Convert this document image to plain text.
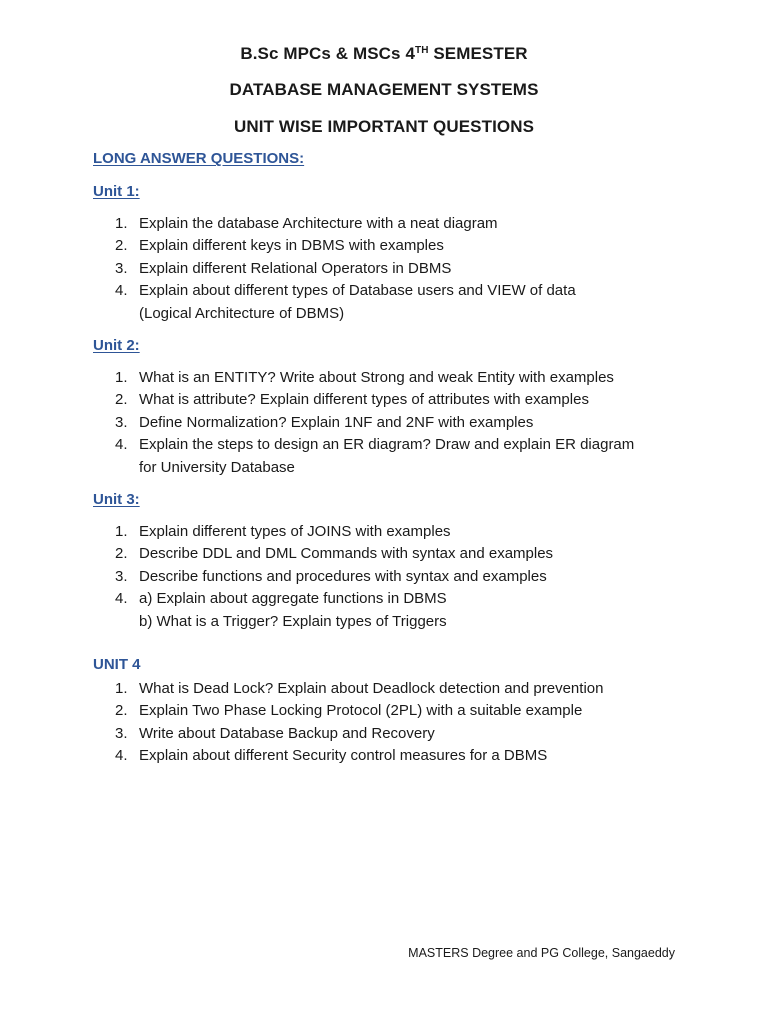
B.Sc MPCs & MSCs 4TH SEMESTER
DATABASE MANAGEMENT SYSTEMS
UNIT WISE IMPORTANT QUESTIONS
LONG ANSWER QUESTIONS:
Unit 1:
1. Explain the database Architecture with a neat diagram
2. Explain different keys in DBMS with examples
3. Explain different Relational Operators in DBMS
4. Explain about different types of Database users and VIEW of data
(Logical Architecture of DBMS)
Unit 2:
1. What is an ENTITY? Write about Strong and weak Entity with examples
2. What is attribute? Explain different types of attributes with examples
3. Define Normalization? Explain 1NF and 2NF with examples
4. Explain the steps to design an ER diagram? Draw and explain ER diagram
for University Database
Unit 3:
1. Explain different types of JOINS with examples
2. Describe DDL and DML Commands with syntax and examples
3. Describe functions and procedures with syntax and examples
4. a) Explain about aggregate functions in DBMS
b) What is a Trigger? Explain types of Triggers
UNIT 4
1. What is Dead Lock? Explain about Deadlock detection and prevention
2. Explain Two Phase Locking Protocol (2PL) with a suitable example
3. Write about Database Backup and Recovery
4. Explain about different Security control measures for a DBMS
MASTERS Degree and PG College, Sangaeddy
